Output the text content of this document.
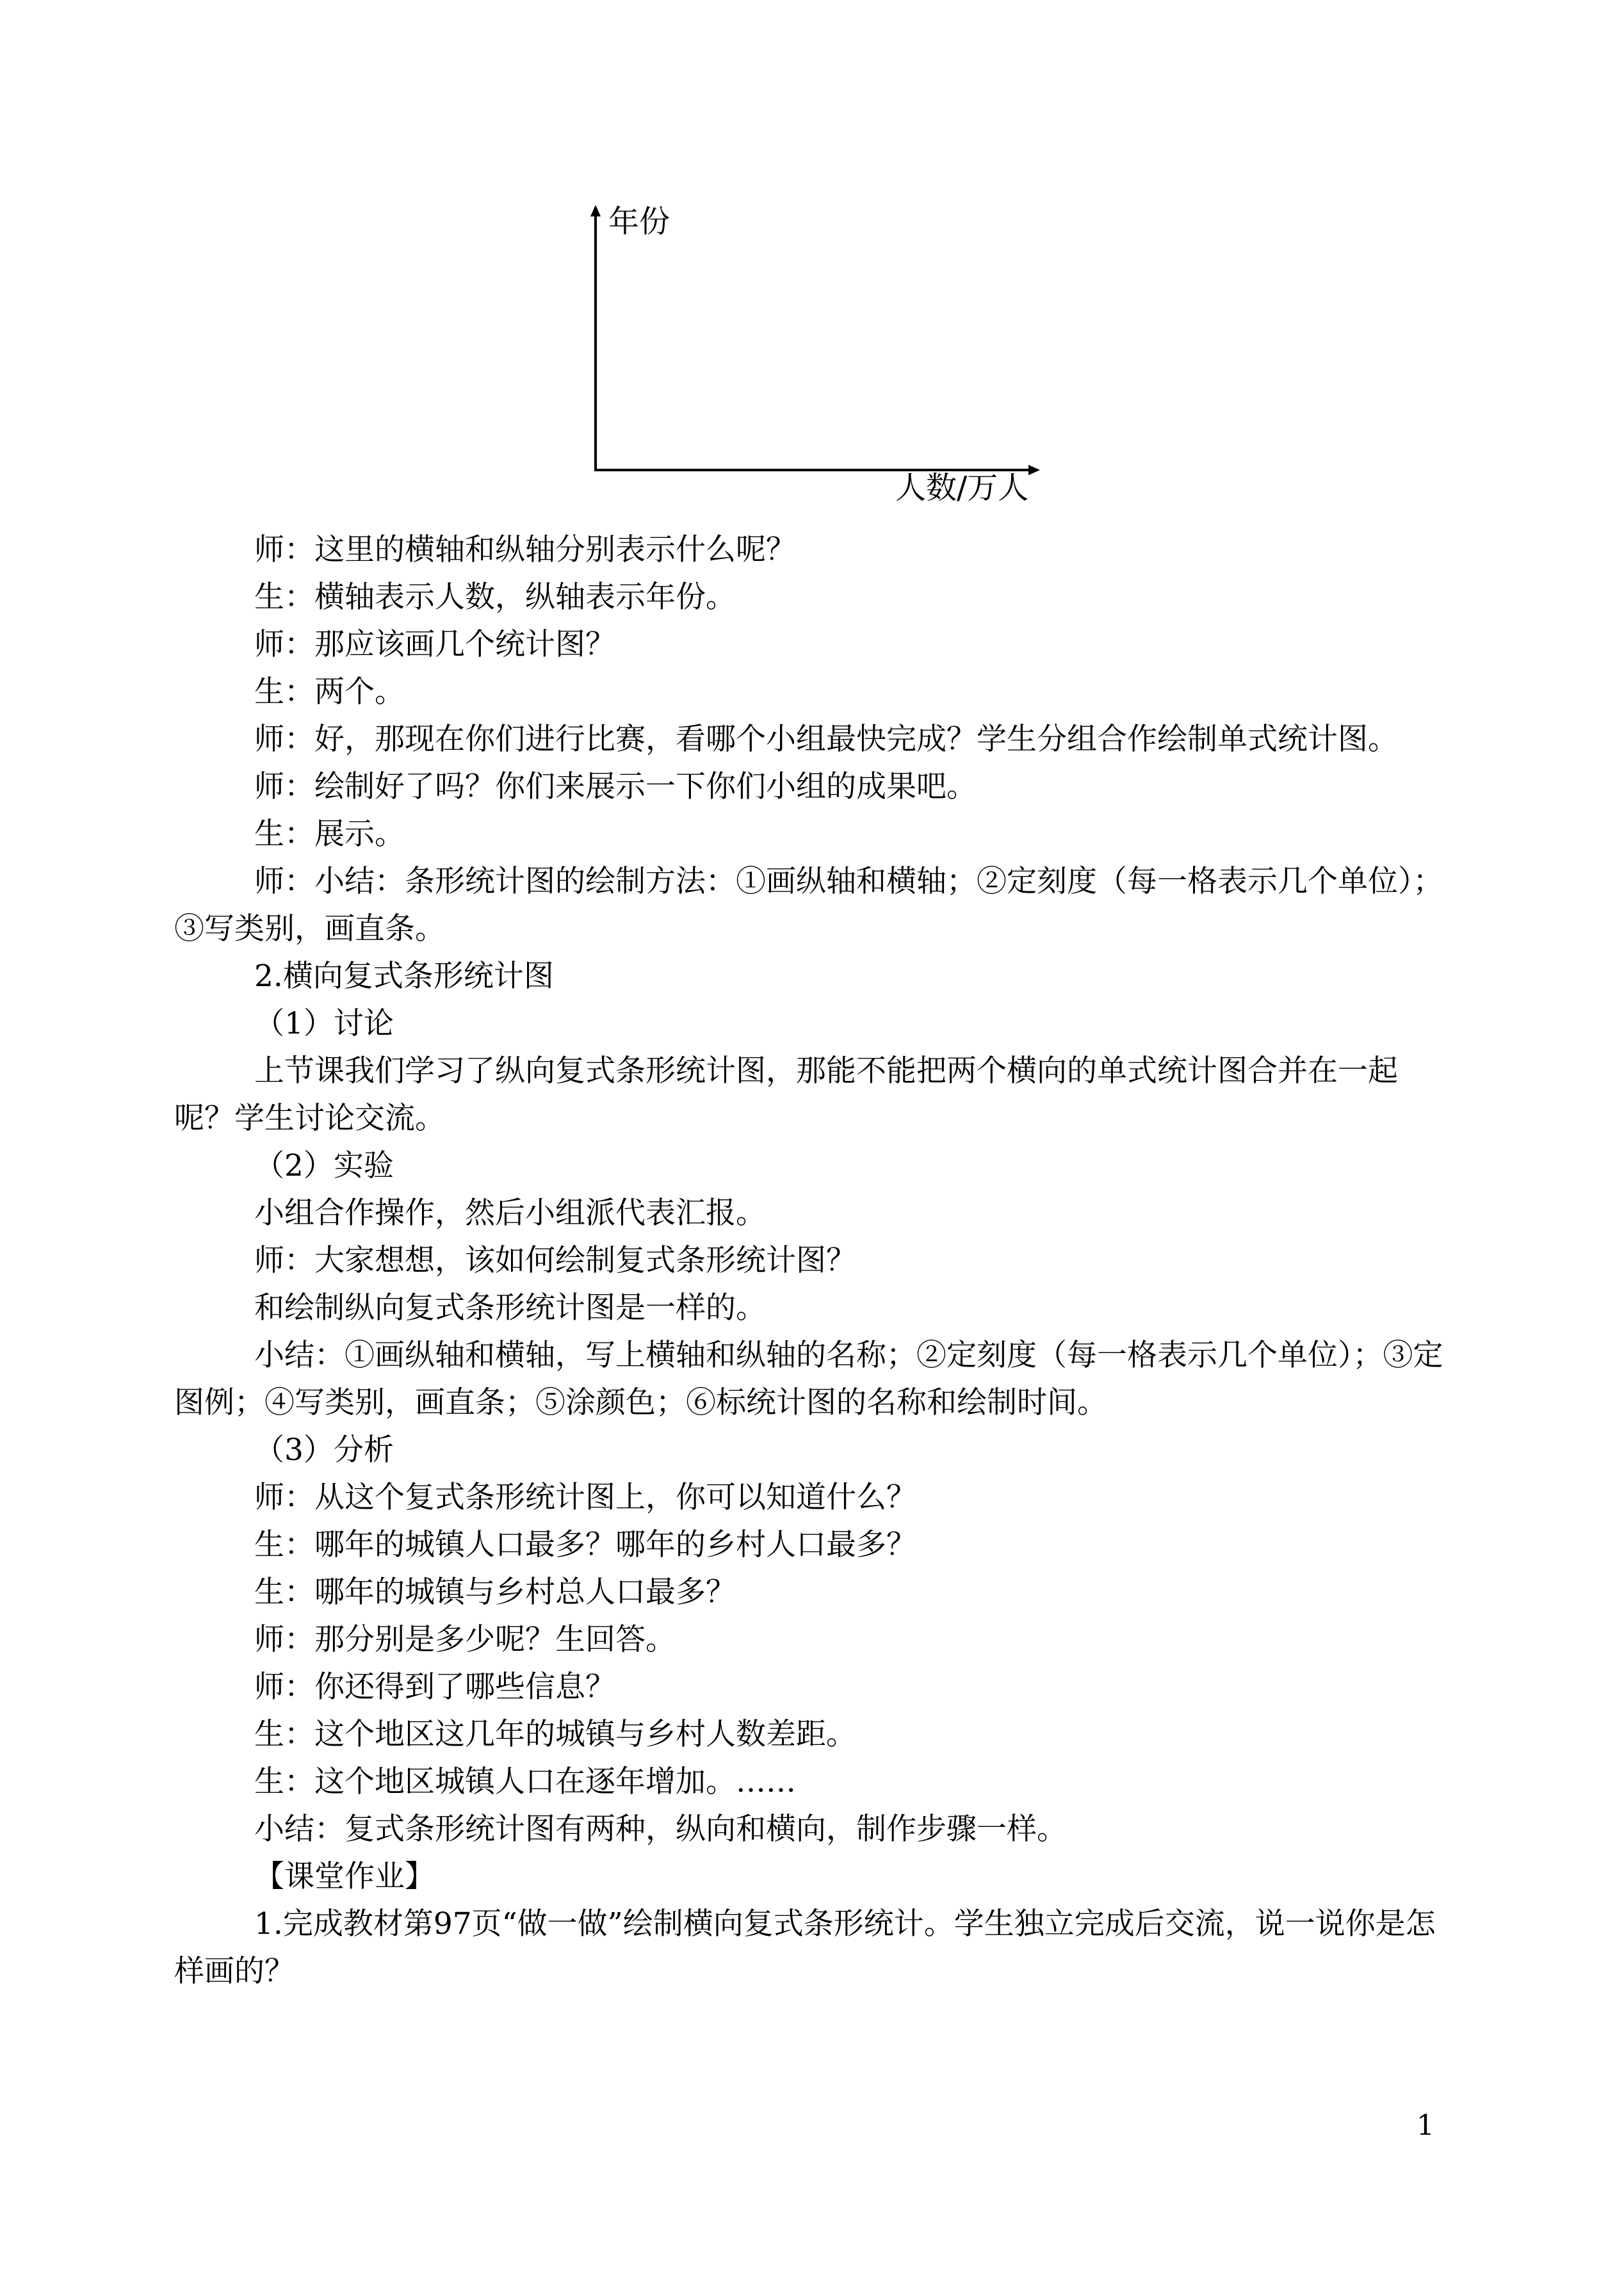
年份
人数/万人

师：这里的横轴和纵轴分别表示什么呢？

生：横轴表示人数，纵轴表示年份。

师：那应该画几个统计图？

生：两个。

师：好，那现在你们进行比赛，看哪个小组最快完成？学生分组合作绘制单式统计图。

师：绘制好了吗？你们来展示一下你们小组的成果吧。

生：展示。

师：小结：条形统计图的绘制方法：①画纵轴和横轴；②定刻度（每一格表示几个单位）；③写类别，画直条。

2.横向复式条形统计图

（1）讨论

上节课我们学习了纵向复式条形统计图，那能不能把两个横向的单式统计图合并在一起呢？学生讨论交流。

（2）实验

小组合作操作，然后小组派代表汇报。

师：大家想想，该如何绘制复式条形统计图？

和绘制纵向复式条形统计图是一样的。

小结：①画纵轴和横轴，写上横轴和纵轴的名称；②定刻度（每一格表示几个单位）；③定图例；④写类别，画直条；⑤涂颜色；⑥标统计图的名称和绘制时间。

（3）分析

师：从这个复式条形统计图上，你可以知道什么？

生：哪年的城镇人口最多？哪年的乡村人口最多？

生：哪年的城镇与乡村总人口最多？

师：那分别是多少呢？生回答。

师：你还得到了哪些信息？

生：这个地区这几年的城镇与乡村人数差距。

生：这个地区城镇人口在逐年增加。……

小结：复式条形统计图有两种，纵向和横向，制作步骤一样。

【课堂作业】

1.完成教材第97页“做一做”绘制横向复式条形统计。学生独立完成后交流，说一说你是怎样画的？

1
